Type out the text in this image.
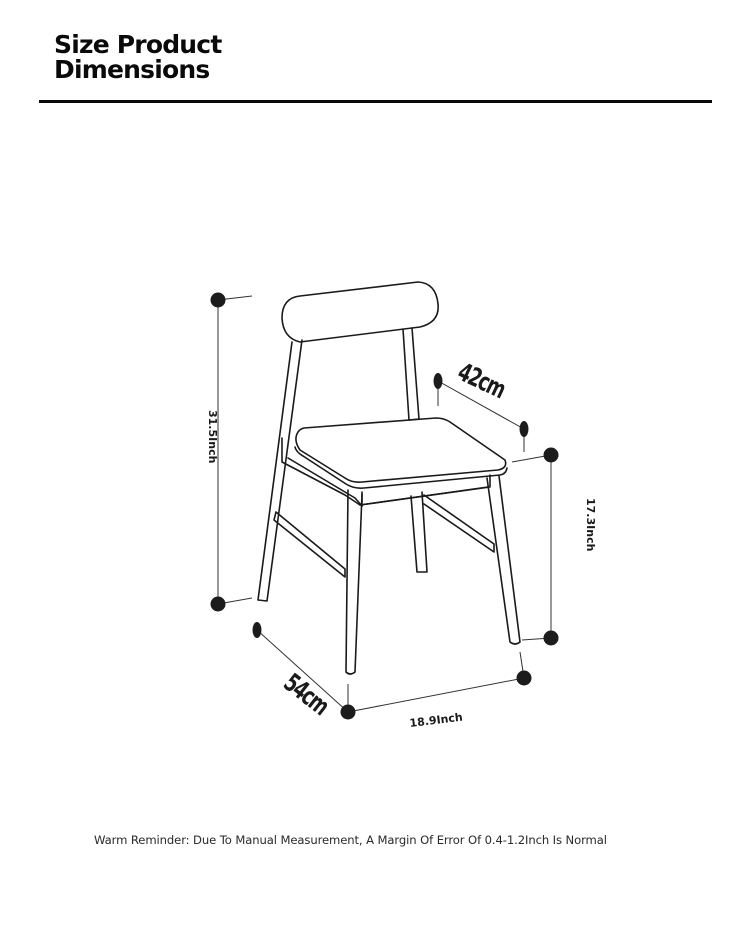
Size Product
Dimensions
31.5Inch
17.3Inch
42cm
54cm	18.9Inch
Warm Reminder: Due To Manual Measurement, A Margin Of Error Of 0.4-1.2Inch Is Normal
